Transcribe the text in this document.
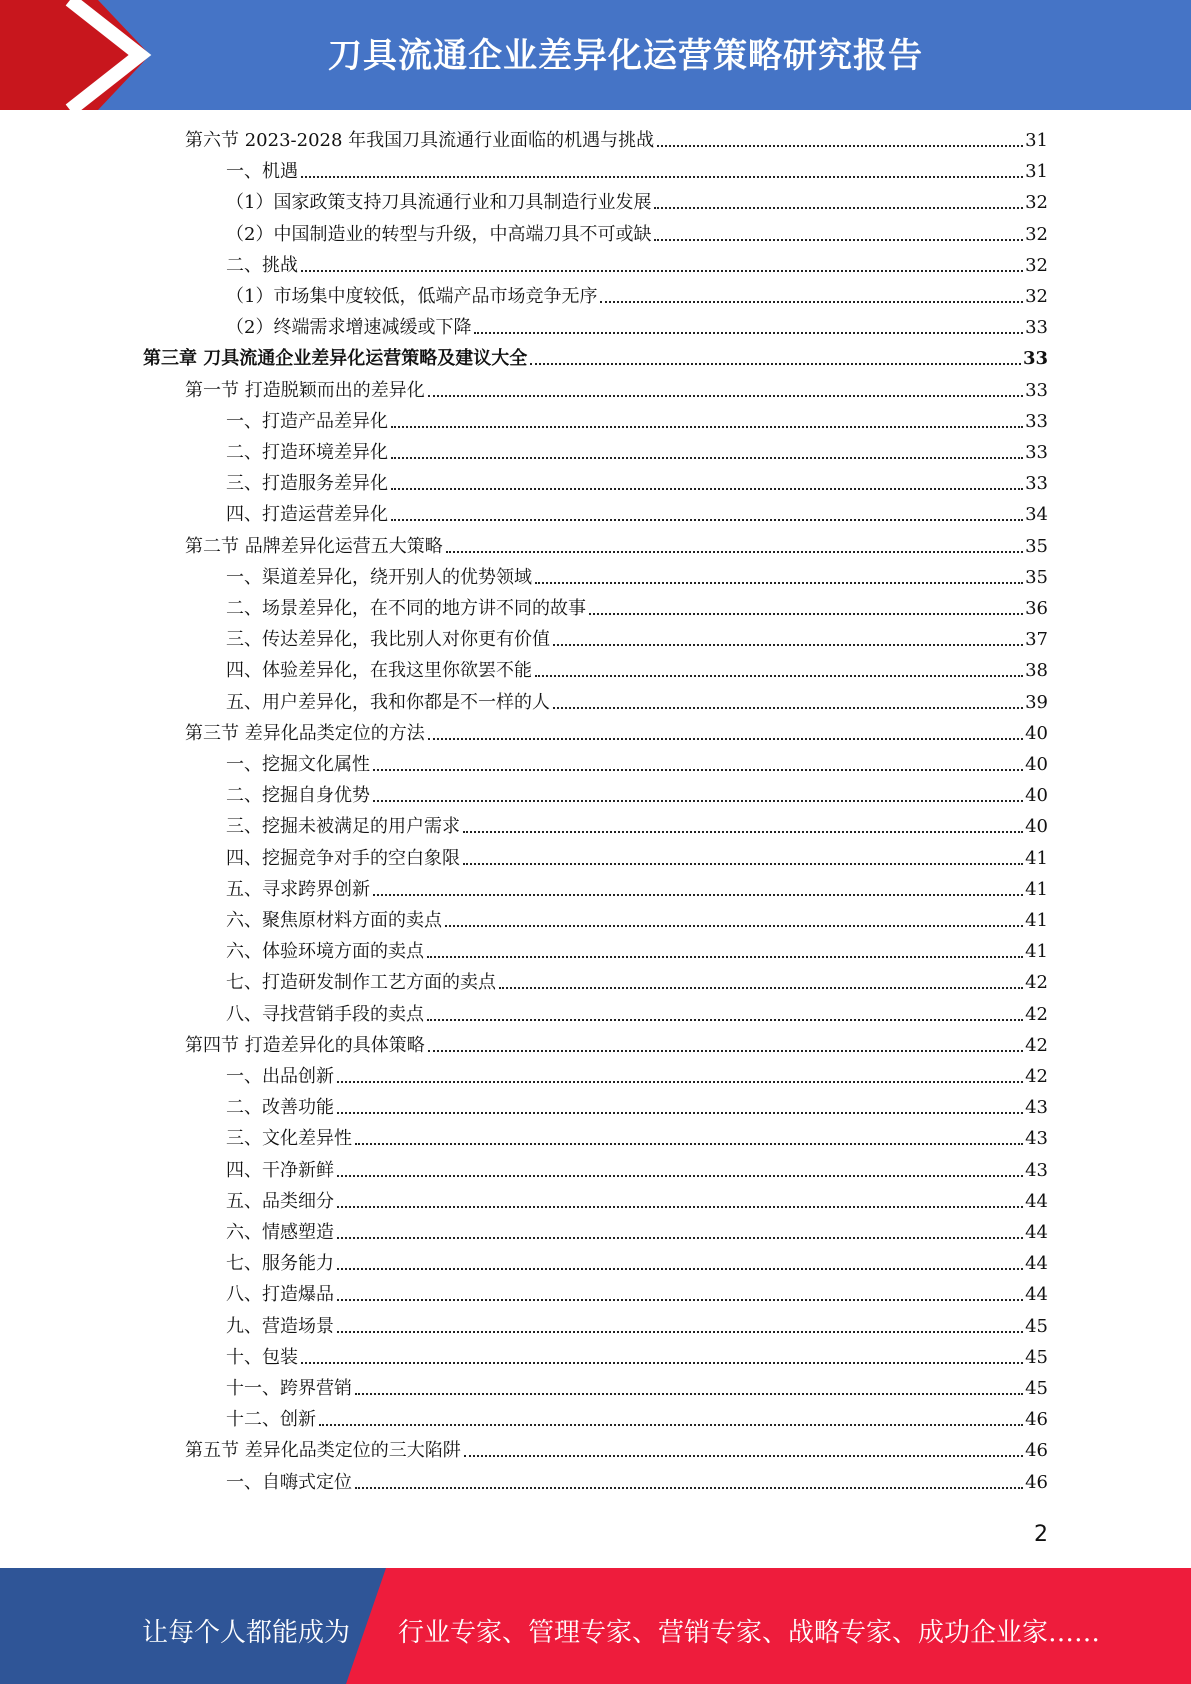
刀具流通企业差异化运营策略研究报告
第六节 2023-2028 年我国刀具流通行业面临的机遇与挑战	31
一、机遇	31
（1）国家政策支持刀具流通行业和刀具制造行业发展	32
（2）中国制造业的转型与升级，中高端刀具不可或缺	32
二、挑战	32
（1）市场集中度较低，低端产品市场竞争无序	32
（2）终端需求增速减缓或下降	33
第三章 刀具流通企业差异化运营策略及建议大全	33
第一节 打造脱颖而出的差异化	33
一、打造产品差异化	33
二、打造环境差异化	33
三、打造服务差异化	33
四、打造运营差异化	34
第二节 品牌差异化运营五大策略	35
一、渠道差异化，绕开别人的优势领域	35
二、场景差异化，在不同的地方讲不同的故事	36
三、传达差异化，我比别人对你更有价值	37
四、体验差异化，在我这里你欲罢不能	38
五、用户差异化，我和你都是不一样的人	39
第三节 差异化品类定位的方法	40
一、挖掘文化属性	40
二、挖掘自身优势	40
三、挖掘未被满足的用户需求	40
四、挖掘竞争对手的空白象限	41
五、寻求跨界创新	41
六、聚焦原材料方面的卖点	41
六、体验环境方面的卖点	41
七、打造研发制作工艺方面的卖点	42
八、寻找营销手段的卖点	42
第四节 打造差异化的具体策略	42
一、出品创新	42
二、改善功能	43
三、文化差异性	43
四、干净新鲜	43
五、品类细分	44
六、情感塑造	44
七、服务能力	44
八、打造爆品	44
九、营造场景	45
十、包装	45
十一、跨界营销	45
十二、创新	46
第五节 差异化品类定位的三大陷阱	46
一、自嗨式定位	46
2
让每个人都能成为 行业专家、管理专家、营销专家、战略专家、成功企业家……
